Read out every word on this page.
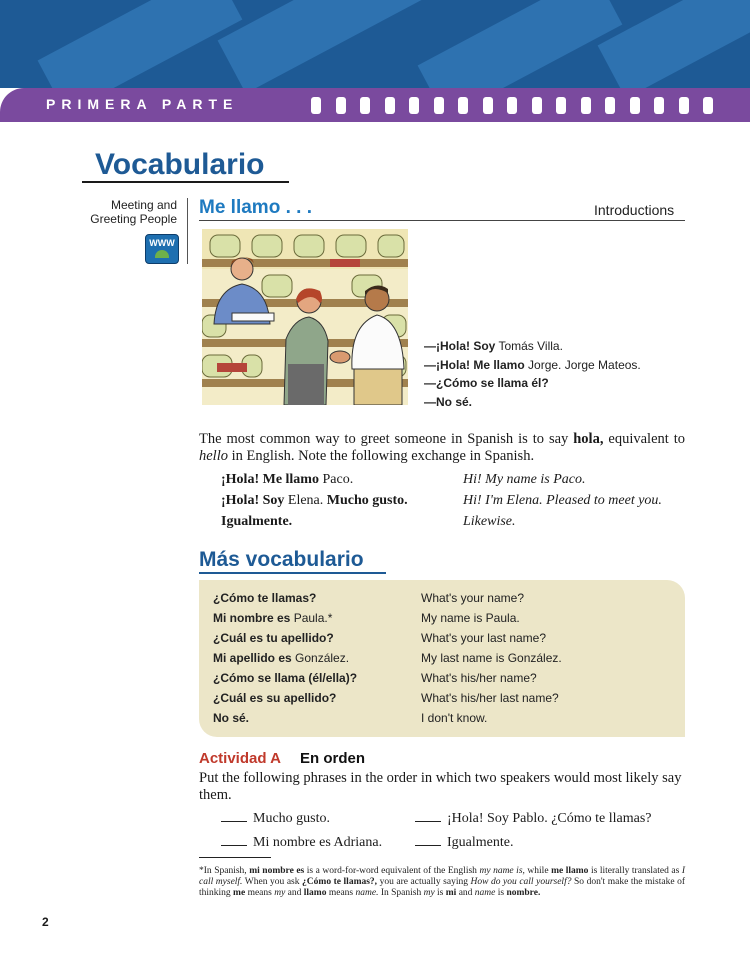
PRIMERA PARTE
Vocabulario
Meeting and
Greeting People
WWW
Me llamo . . .	Introductions
—¡Hola! Soy Tomás Villa.
—¡Hola! Me llamo Jorge. Jorge Mateos.
—¿Cómo se llama él?
—No sé.
The most common way to greet someone in Spanish is to say hola, equivalent to hello in English. Note the following exchange in Spanish.
¡Hola! Me llamo Paco.	Hi! My name is Paco.
¡Hola! Soy Elena. Mucho gusto.	Hi! I'm Elena. Pleased to meet you.
Igualmente.	Likewise.
Más vocabulario
¿Cómo te llamas?	What's your name?
Mi nombre es Paula.*	My name is Paula.
¿Cuál es tu apellido?	What's your last name?
Mi apellido es González.	My last name is González.
¿Cómo se llama (él/ella)?	What's his/her name?
¿Cuál es su apellido?	What's his/her last name?
No sé.	I don't know.
Actividad A En orden
Put the following phrases in the order in which two speakers would most likely say them.
Mucho gusto.	¡Hola! Soy Pablo. ¿Cómo te llamas?
Mi nombre es Adriana.	Igualmente.
*In Spanish, mi nombre es is a word-for-word equivalent of the English my name is, while me llamo is literally translated as I call myself. When you ask ¿Cómo te llamas?, you are actually saying How do you call yourself? So don't make the mistake of thinking me means my and llamo means name. In Spanish my is mi and name is nombre.
2
